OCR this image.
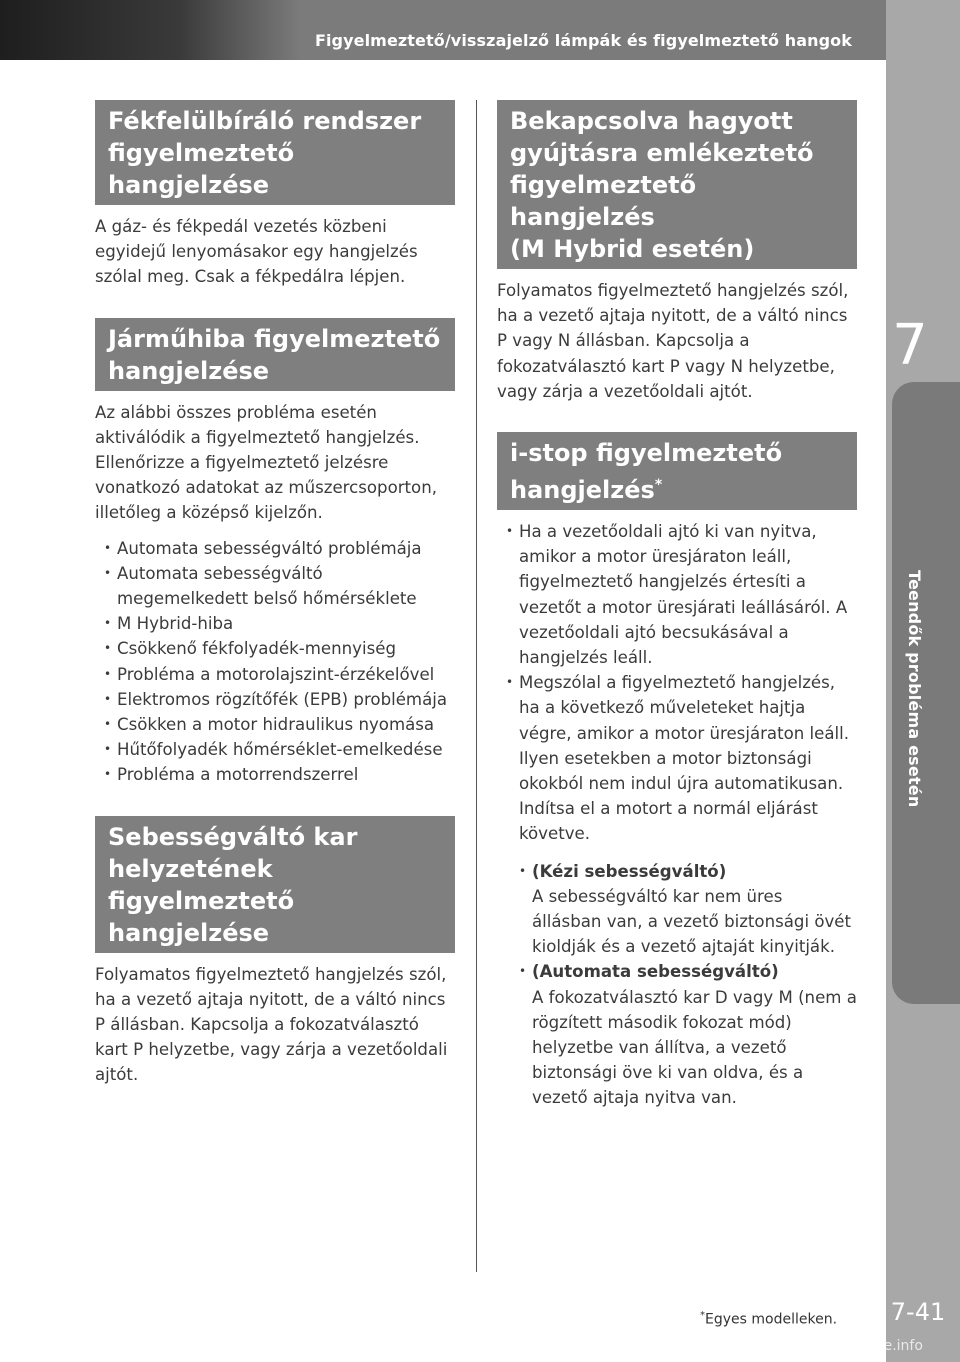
Figyelmeztető/visszajelző lámpák és figyelmeztető hangok
7
Teendők probléma esetén
7-41
Fékfelülbíráló rendszer
figyelmeztető hangjelzése

A gáz- és fékpedál vezetés közbeni egyidejű lenyomásakor egy hangjelzés szólal meg. Csak a fékpedálra lépjen.

Járműhiba figyelmeztető
hangjelzése

Az alábbi összes probléma esetén aktiválódik a figyelmeztető hangjelzés. Ellenőrizze a figyelmeztető jelzésre vonatkozó adatokat az műszercsoporton, illetőleg a középső kijelzőn.

• Automata sebességváltó problémája
• Automata sebességváltó megemelkedett belső hőmérséklete
• M Hybrid-hiba
• Csökkenő fékfolyadék-mennyiség
• Probléma a motorolajszint-érzékelővel
• Elektromos rögzítőfék (EPB) problémája
• Csökken a motor hidraulikus nyomása
• Hűtőfolyadék hőmérséklet-emelkedése
• Probléma a motorrendszerrel
Sebességváltó kar
helyzetének figyelmeztető
hangjelzése

Folyamatos figyelmeztető hangjelzés szól, ha a vezető ajtaja nyitott, de a váltó nincs P állásban. Kapcsolja a fokozatválasztó kart P helyzetbe, vagy zárja a vezetőoldali ajtót.

Bekapcsolva hagyott
gyújtásra emlékeztető
figyelmeztető hangjelzés
(M Hybrid esetén)

Folyamatos figyelmeztető hangjelzés szól, ha a vezető ajtaja nyitott, de a váltó nincs P vagy N állásban. Kapcsolja a fokozatválasztó kart P vagy N helyzetbe, vagy zárja a vezetőoldali ajtót.

i-stop figyelmeztető
hangjelzés*
• Ha a vezetőoldali ajtó ki van nyitva, amikor a motor üresjáraton leáll, figyelmeztető hangjelzés értesíti a vezetőt a motor üresjárati leállásáról. A vezetőoldali ajtó becsukásával a hangjelzés leáll.
• Megszólal a figyelmeztető hangjelzés, ha a következő műveleteket hajtja végre, amikor a motor üresjáraton leáll. Ilyen esetekben a motor biztonsági okokból nem indul újra automatikusan. Indítsa el a motort a normál eljárást követve.
• (Kézi sebességváltó)
A sebességváltó kar nem üres állásban van, a vezető biztonsági övét kioldják és a vezető ajtaját kinyitják.
• (Automata sebességváltó)
A fokozatválasztó kar D vagy M (nem a rögzített második fokozat mód) helyzetbe van állítva, a vezető biztonsági öve ki van oldva, és a vezető ajtaja nyitva van.
*Egyes modelleken.
carmanualsonline.info
